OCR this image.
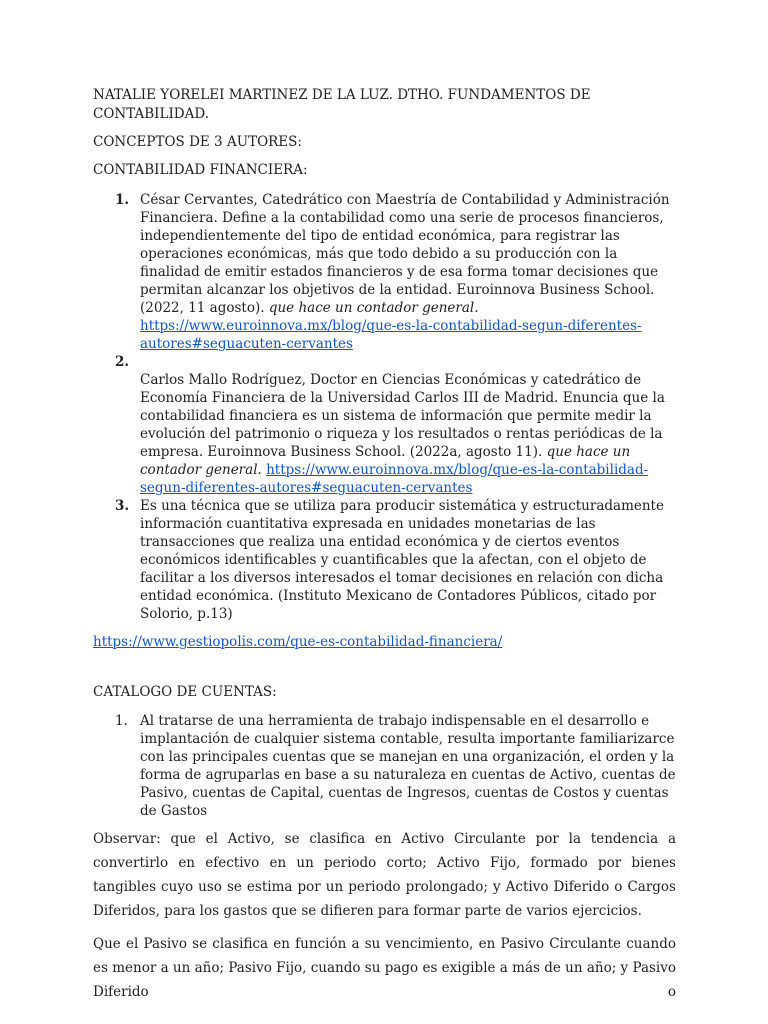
NATALIE YORELEI MARTINEZ DE LA LUZ. DTHO. FUNDAMENTOS DE
CONTABILIDAD.

CONCEPTOS DE 3 AUTORES:

CONTABILIDAD FINANCIERA:

1. César Cervantes, Catedrático con Maestría de Contabilidad y Administración Financiera. Define a la contabilidad como una serie de procesos financieros, independientemente del tipo de entidad económica, para registrar las operaciones económicas, más que todo debido a su producción con la finalidad de emitir estados financieros y de esa forma tomar decisiones que permitan alcanzar los objetivos de la entidad. Euroinnova Business School. (2022, 11 agosto). que hace un contador general. https://www.euroinnova.mx/blog/que-es-la-contabilidad-segun-diferentes-autores#seguacuten-cervantes
2.
Carlos Mallo Rodríguez, Doctor en Ciencias Económicas y catedrático de Economía Financiera de la Universidad Carlos III de Madrid. Enuncia que la contabilidad financiera es un sistema de información que permite medir la evolución del patrimonio o riqueza y los resultados o rentas periódicas de la empresa. Euroinnova Business School. (2022a, agosto 11). que hace un contador general. https://www.euroinnova.mx/blog/que-es-la-contabilidad-segun-diferentes-autores#seguacuten-cervantes
3. Es una técnica que se utiliza para producir sistemática y estructuradamente información cuantitativa expresada en unidades monetarias de las transacciones que realiza una entidad económica y de ciertos eventos económicos identificables y cuantificables que la afectan, con el objeto de facilitar a los diversos interesados el tomar decisiones en relación con dicha entidad económica. (Instituto Mexicano de Contadores Públicos, citado por Solorio, p.13)

https://www.gestiopolis.com/que-es-contabilidad-financiera/

CATALOGO DE CUENTAS:

1. Al tratarse de una herramienta de trabajo indispensable en el desarrollo e implantación de cualquier sistema contable, resulta importante familiarizarce con las principales cuentas que se manejan en una organización, el orden y la forma de agruparlas en base a su naturaleza en cuentas de Activo, cuentas de Pasivo, cuentas de Capital, cuentas de Ingresos, cuentas de Costos y cuentas de Gastos

Observar: que el Activo, se clasifica en Activo Circulante por la tendencia a convertirlo en efectivo en un periodo corto; Activo Fijo, formado por bienes tangibles cuyo uso se estima por un periodo prolongado; y Activo Diferido o Cargos Diferidos, para los gastos que se difieren para formar parte de varios ejercicios.

Que el Pasivo se clasifica en función a su vencimiento, en Pasivo Circulante cuando es menor a un año; Pasivo Fijo, cuando su pago es exigible a más de un año; y Pasivo Diferido o
